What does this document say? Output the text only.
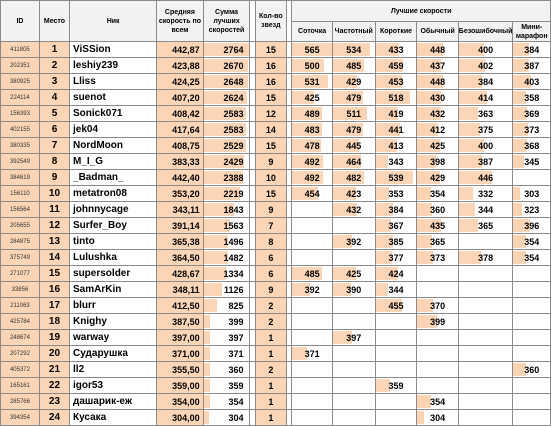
ID	Место	Ник	Средняя скорость по всем	Сумма лучших скоростей		Кол-во звезд		Лучшие скорости					
								Соточка	Частотный	Короткие	Обычный	Безошибочный	Мини-марафон
411805	1	ViSSion	442,87	2764		15		565	534	433	448	400	384

202351	2	leshiy239	423,88	2670		16		500	485	459	437	402	387

380925	3	Lliss	424,25	2648		16		531	429	453	448	384	403

224114	4	suenot	407,20	2624		15		425	479	518	430	414	358

156393	5	Sonick071	408,42	2583		12		489	511	419	432	363	369

402155	6	jek04	417,64	2583		14		483	479	441	412	375	373

380335	7	NordMoon	408,75	2529		15		478	445	413	425	400	368

392549	8	M_I_G	383,33	2429		9		492	464	343	398	387	345

384619	9	_Badman_	442,40	2388		10		492	482	539	429	446	

156110	10	metatron08	353,20	2219		15		454	423	353	354	332	303

156564	11	johnnycage	343,11	1843		9			432	384	360	344	323

205655	12	Surfer_Boy	391,14	1563		7				367	435	365	396

284875	13	tinto	365,38	1496		8			392	385	365		354

375749	14	Lulushka	364,50	1482		6				377	373	378	354

271077	15	supersolder	428,67	1334		6		485	425	424			

33856	16	SamArKin	348,11	1126		9		392	390	344			

211063	17	blurr	412,50	825		2				455	370		

425784	18	Knighy	387,50	399		2					399		

248674	19	warway	397,00	397		1			397				

207292	20	Сударушка	371,00	371		1		371					

405372	21	ll2	355,50	360		2							360

165161	22	igor53	359,00	359		1				359			

285766	23	дашарик-еж	354,00	354		1					354		

394354	24	Кусака	304,00	304		1					304		
